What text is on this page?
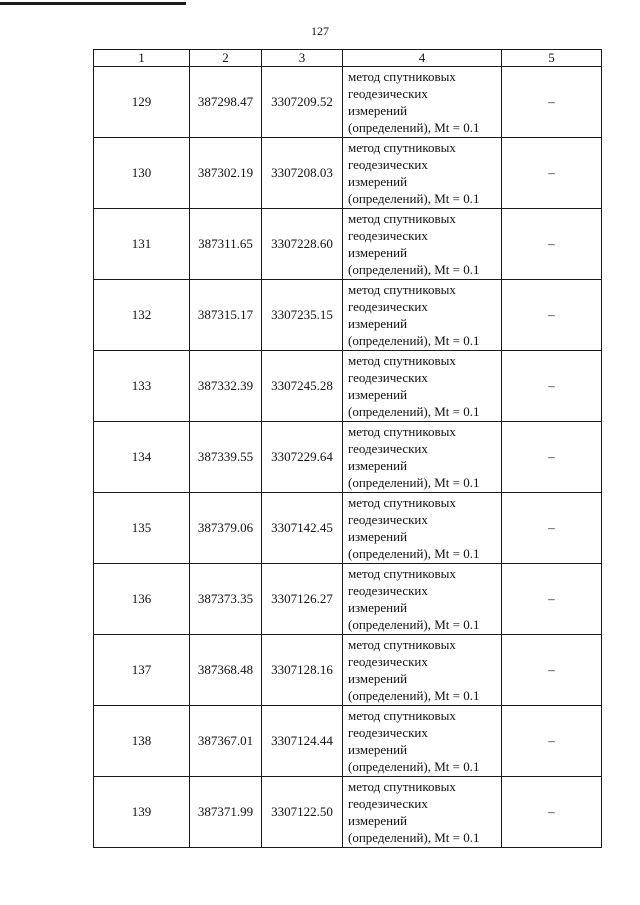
127
1	2	3	4	5
129	387298.47	3307209.52	метод спутниковых
геодезических
измерений
(определений), Mt = 0.1	–
130	387302.19	3307208.03	метод спутниковых
геодезических
измерений
(определений), Mt = 0.1	–
131	387311.65	3307228.60	метод спутниковых
геодезических
измерений
(определений), Mt = 0.1	–
132	387315.17	3307235.15	метод спутниковых
геодезических
измерений
(определений), Mt = 0.1	–
133	387332.39	3307245.28	метод спутниковых
геодезических
измерений
(определений), Mt = 0.1	–
134	387339.55	3307229.64	метод спутниковых
геодезических
измерений
(определений), Mt = 0.1	–
135	387379.06	3307142.45	метод спутниковых
геодезических
измерений
(определений), Mt = 0.1	–
136	387373.35	3307126.27	метод спутниковых
геодезических
измерений
(определений), Mt = 0.1	–
137	387368.48	3307128.16	метод спутниковых
геодезических
измерений
(определений), Mt = 0.1	–
138	387367.01	3307124.44	метод спутниковых
геодезических
измерений
(определений), Mt = 0.1	–
139	387371.99	3307122.50	метод спутниковых
геодезических
измерений
(определений), Mt = 0.1	–
